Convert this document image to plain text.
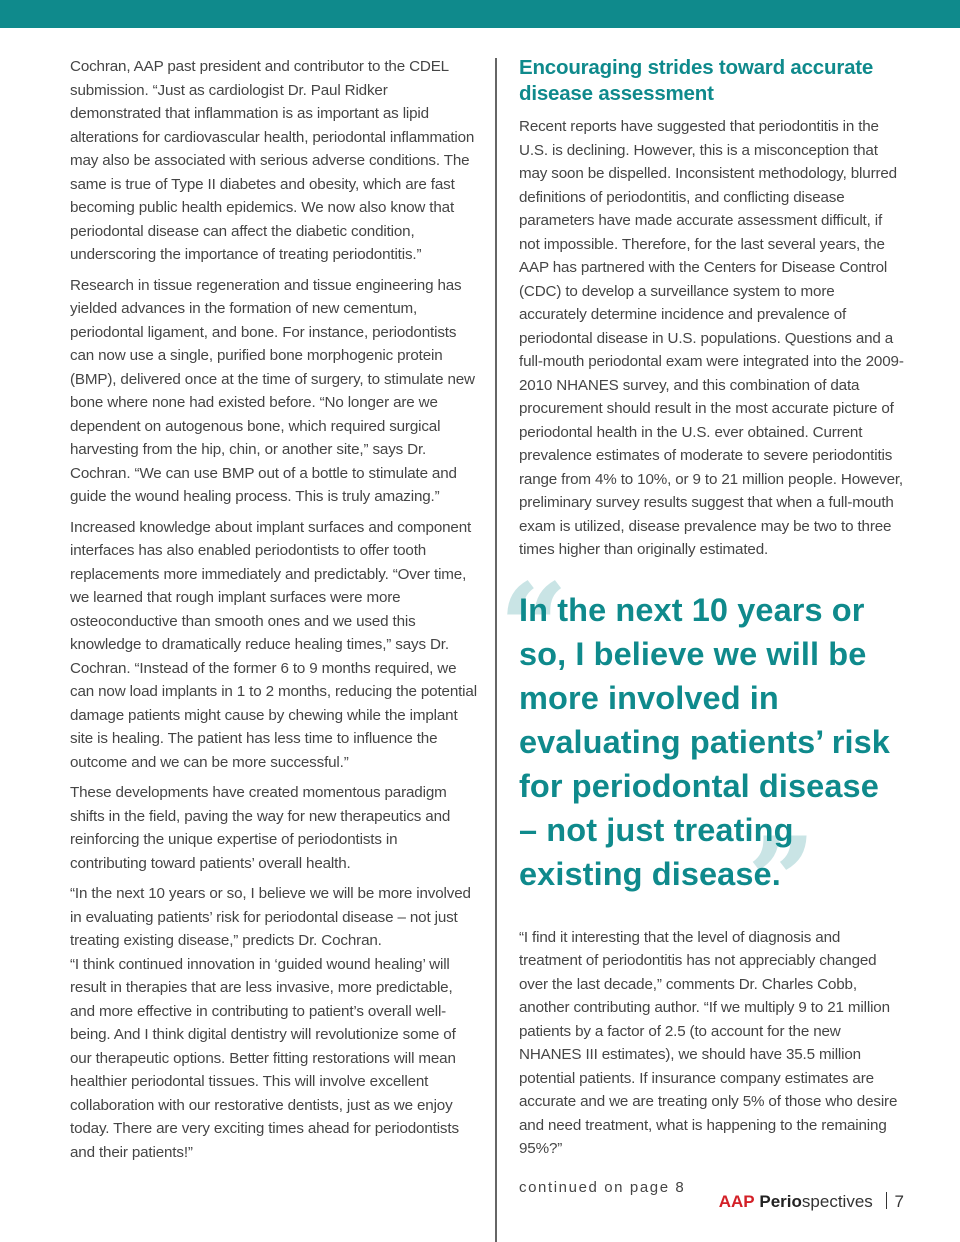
Cochran, AAP past president and contributor to the CDEL submission. “Just as cardiologist Dr. Paul Ridker demonstrated that inflammation is as important as lipid alterations for cardiovascular health, periodontal inflammation may also be associated with serious adverse conditions. The same is true of Type II diabetes and obesity, which are fast becoming public health epidemics. We now also know that periodontal disease can affect the diabetic condition, underscoring the importance of treating periodontitis.”

Research in tissue regeneration and tissue engineering has yielded advances in the formation of new cementum, periodontal ligament, and bone. For instance, periodontists can now use a single, purified bone morphogenic protein (BMP), delivered once at the time of surgery, to stimulate new bone where none had existed before. “No longer are we dependent on autogenous bone, which required surgical harvesting from the hip, chin, or another site,” says Dr. Cochran. “We can use BMP out of a bottle to stimulate and guide the wound healing process. This is truly amazing.”

Increased knowledge about implant surfaces and component interfaces has also enabled periodontists to offer tooth replacements more immediately and predictably. “Over time, we learned that rough implant surfaces were more osteoconductive than smooth ones and we used this knowledge to dramatically reduce healing times,” says Dr. Cochran. “Instead of the former 6 to 9 months required, we can now load implants in 1 to 2 months, reducing the potential damage patients might cause by chewing while the implant site is healing. The patient has less time to influence the outcome and we can be more successful.”

These developments have created momentous paradigm shifts in the field, paving the way for new therapeutics and reinforcing the unique expertise of periodontists in contributing toward patients’ overall health.

“In the next 10 years or so, I believe we will be more involved in evaluating patients’ risk for periodontal disease – not just treating existing disease,” predicts Dr. Cochran.

“I think continued innovation in ‘guided wound healing’ will result in therapies that are less invasive, more predictable, and more effective in contributing to patient’s overall well-being. And I think digital dentistry will revolutionize some of our therapeutic options. Better fitting restorations will mean healthier periodontal tissues. This will involve excellent collaboration with our restorative dentists, just as we enjoy today. There are very exciting times ahead for periodontists and their patients!”

Encouraging strides toward accurate disease assessment

Recent reports have suggested that periodontitis in the U.S. is declining. However, this is a misconception that may soon be dispelled. Inconsistent methodology, blurred definitions of periodontitis, and conflicting disease parameters have made accurate assessment difficult, if not impossible. Therefore, for the last several years, the AAP has partnered with the Centers for Disease Control (CDC) to develop a surveillance system to more accurately determine incidence and prevalence of periodontal disease in U.S. populations. Questions and a full-mouth periodontal exam were integrated into the 2009-2010 NHANES survey, and this combination of data procurement should result in the most accurate picture of periodontal health in the U.S. ever obtained. Current prevalence estimates of moderate to severe periodontitis range from 4% to 10%, or 9 to 21 million people. However, preliminary survey results suggest that when a full-mouth exam is utilized, disease prevalence may be two to three times higher than originally estimated.

“

In the next 10 years or so, I believe we will be more involved in evaluating patients’ risk for periodontal disease – not just treating existing disease.

”

“I find it interesting that the level of diagnosis and treatment of periodontitis has not appreciably changed over the last decade,” comments Dr. Charles Cobb, another contributing author. “If we multiply 9 to 21 million patients by a factor of 2.5 (to account for the new NHANES III estimates), we should have 35.5 million potential patients. If insurance company estimates are accurate and we are treating only 5% of those who desire and need treatment, what is happening to the remaining 95%?”

continued on page 8
AAP Periospectives 7
